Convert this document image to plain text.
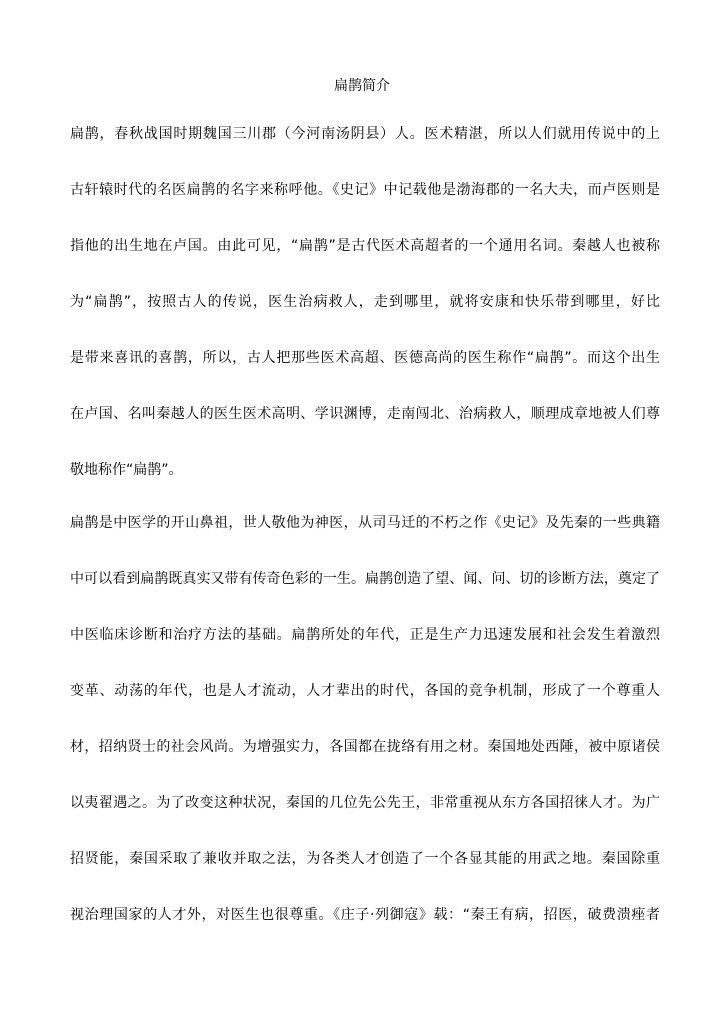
扁鹊简介
扁鹊，春秋战国时期魏国三川郡（今河南汤阴县）人。医术精湛，所以人们就用传说中的上
古轩辕时代的名医扁鹊的名字来称呼他。《史记》中记载他是渤海郡的一名大夫，而卢医则是
指他的出生地在卢国。由此可见，“扁鹊”是古代医术高超者的一个通用名词。秦越人也被称
为“扁鹊”，按照古人的传说，医生治病救人，走到哪里，就将安康和快乐带到哪里，好比
是带来喜讯的喜鹊，所以，古人把那些医术高超、医德高尚的医生称作“扁鹊”。而这个出生
在卢国、名叫秦越人的医生医术高明、学识渊博，走南闯北、治病救人，顺理成章地被人们尊
敬地称作“扁鹊”。
扁鹊是中医学的开山鼻祖，世人敬他为神医，从司马迁的不朽之作《史记》及先秦的一些典籍
中可以看到扁鹊既真实又带有传奇色彩的一生。扁鹊创造了望、闻、问、切的诊断方法，奠定了
中医临床诊断和治疗方法的基础。扁鹊所处的年代，正是生产力迅速发展和社会发生着激烈
变革、动荡的年代，也是人才流动，人才辈出的时代，各国的竞争机制，形成了一个尊重人
材，招纳贤士的社会风尚。为增强实力，各国都在拢络有用之材。秦国地处西陲，被中原诸侯
以夷翟遇之。为了改变这种状况，秦国的几位先公先王，非常重视从东方各国招徕人才。为广
招贤能，秦国采取了兼收并取之法，为各类人才创造了一个各显其能的用武之地。秦国除重
视治理国家的人才外，对医生也很尊重。《庄子·列御寇》载：“秦王有病，招医，破费溃痤者
